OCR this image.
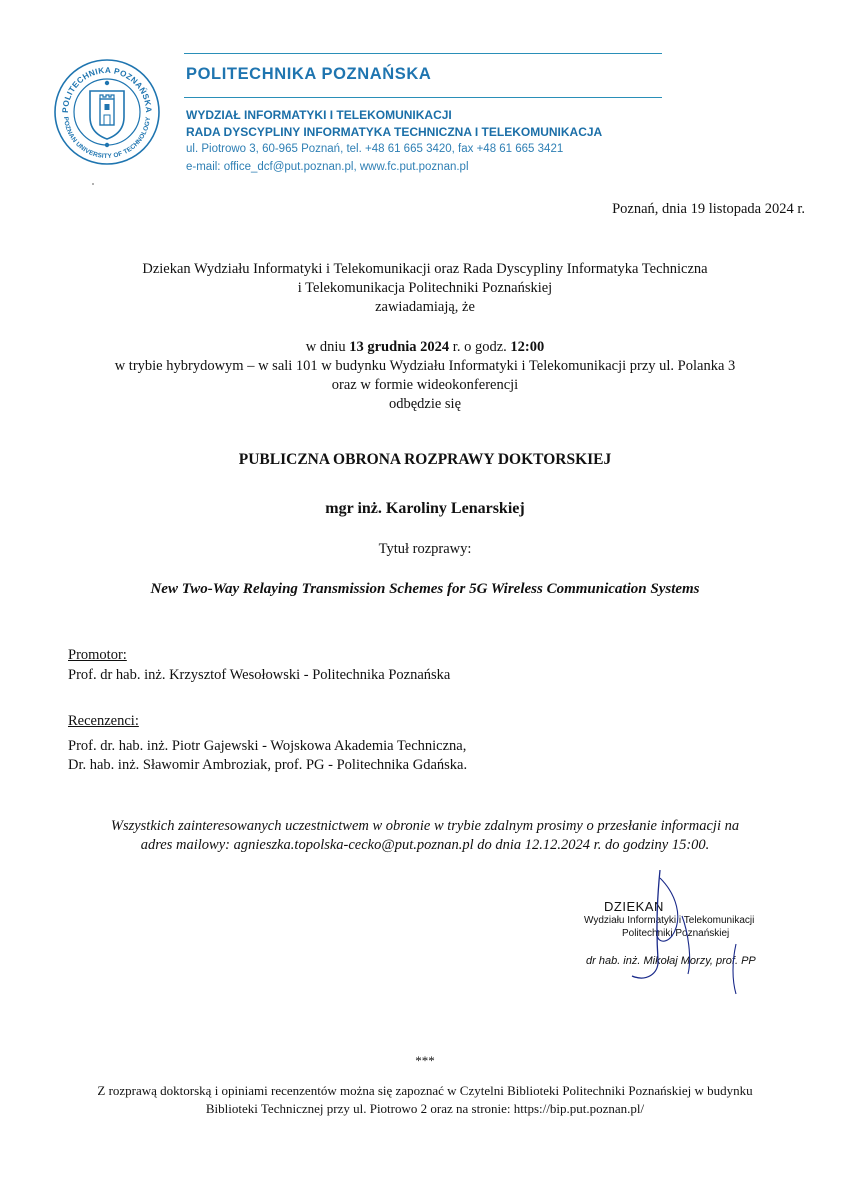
POLITECHNIKA POZNAŃSKA
POZNAN UNIVERSITY OF TECHNOLOGY
POLITECHNIKA POZNAŃSKA
WYDZIAŁ INFORMATYKI I TELEKOMUNIKACJI
RADA DYSCYPLINY INFORMATYKA TECHNICZNA I TELEKOMUNIKACJA
ul. Piotrowo 3, 60-965 Poznań, tel. +48 61 665 3420, fax +48 61 665 3421
e-mail: office_dcf@put.poznan.pl, www.fc.put.poznan.pl
Poznań, dnia 19 listopada 2024 r.
Dziekan Wydziału Informatyki i Telekomunikacji oraz Rada Dyscypliny Informatyka Techniczna
i Telekomunikacja Politechniki Poznańskiej
zawiadamiają, że
w dniu 13 grudnia 2024 r. o godz. 12:00
w trybie hybrydowym – w sali 101 w budynku Wydziału Informatyki i Telekomunikacji przy ul. Polanka 3
oraz w formie wideokonferencji
odbędzie się
PUBLICZNA OBRONA ROZPRAWY DOKTORSKIEJ
mgr inż. Karoliny Lenarskiej
Tytuł rozprawy:
New Two-Way Relaying Transmission Schemes for 5G Wireless Communication Systems
Promotor:
Prof. dr hab. inż. Krzysztof Wesołowski - Politechnika Poznańska
Recenzenci:
Prof. dr. hab. inż. Piotr Gajewski - Wojskowa Akademia Techniczna,
Dr. hab. inż. Sławomir Ambroziak, prof. PG - Politechnika Gdańska.
Wszystkich zainteresowanych uczestnictwem w obronie w trybie zdalnym prosimy o przesłanie informacji na
adres mailowy: agnieszka.topolska-cecko@put.poznan.pl do dnia 12.12.2024 r. do godziny 15:00.
DZIEKAN
Wydziału Informatyki i Telekomunikacji
Politechniki Poznańskiej
dr hab. inż. Mikołaj Morzy, prof. PP
***
Z rozprawą doktorską i opiniami recenzentów można się zapoznać w Czytelni Biblioteki Politechniki Poznańskiej w budynku
Biblioteki Technicznej przy ul. Piotrowo 2 oraz na stronie: https://bip.put.poznan.pl/
